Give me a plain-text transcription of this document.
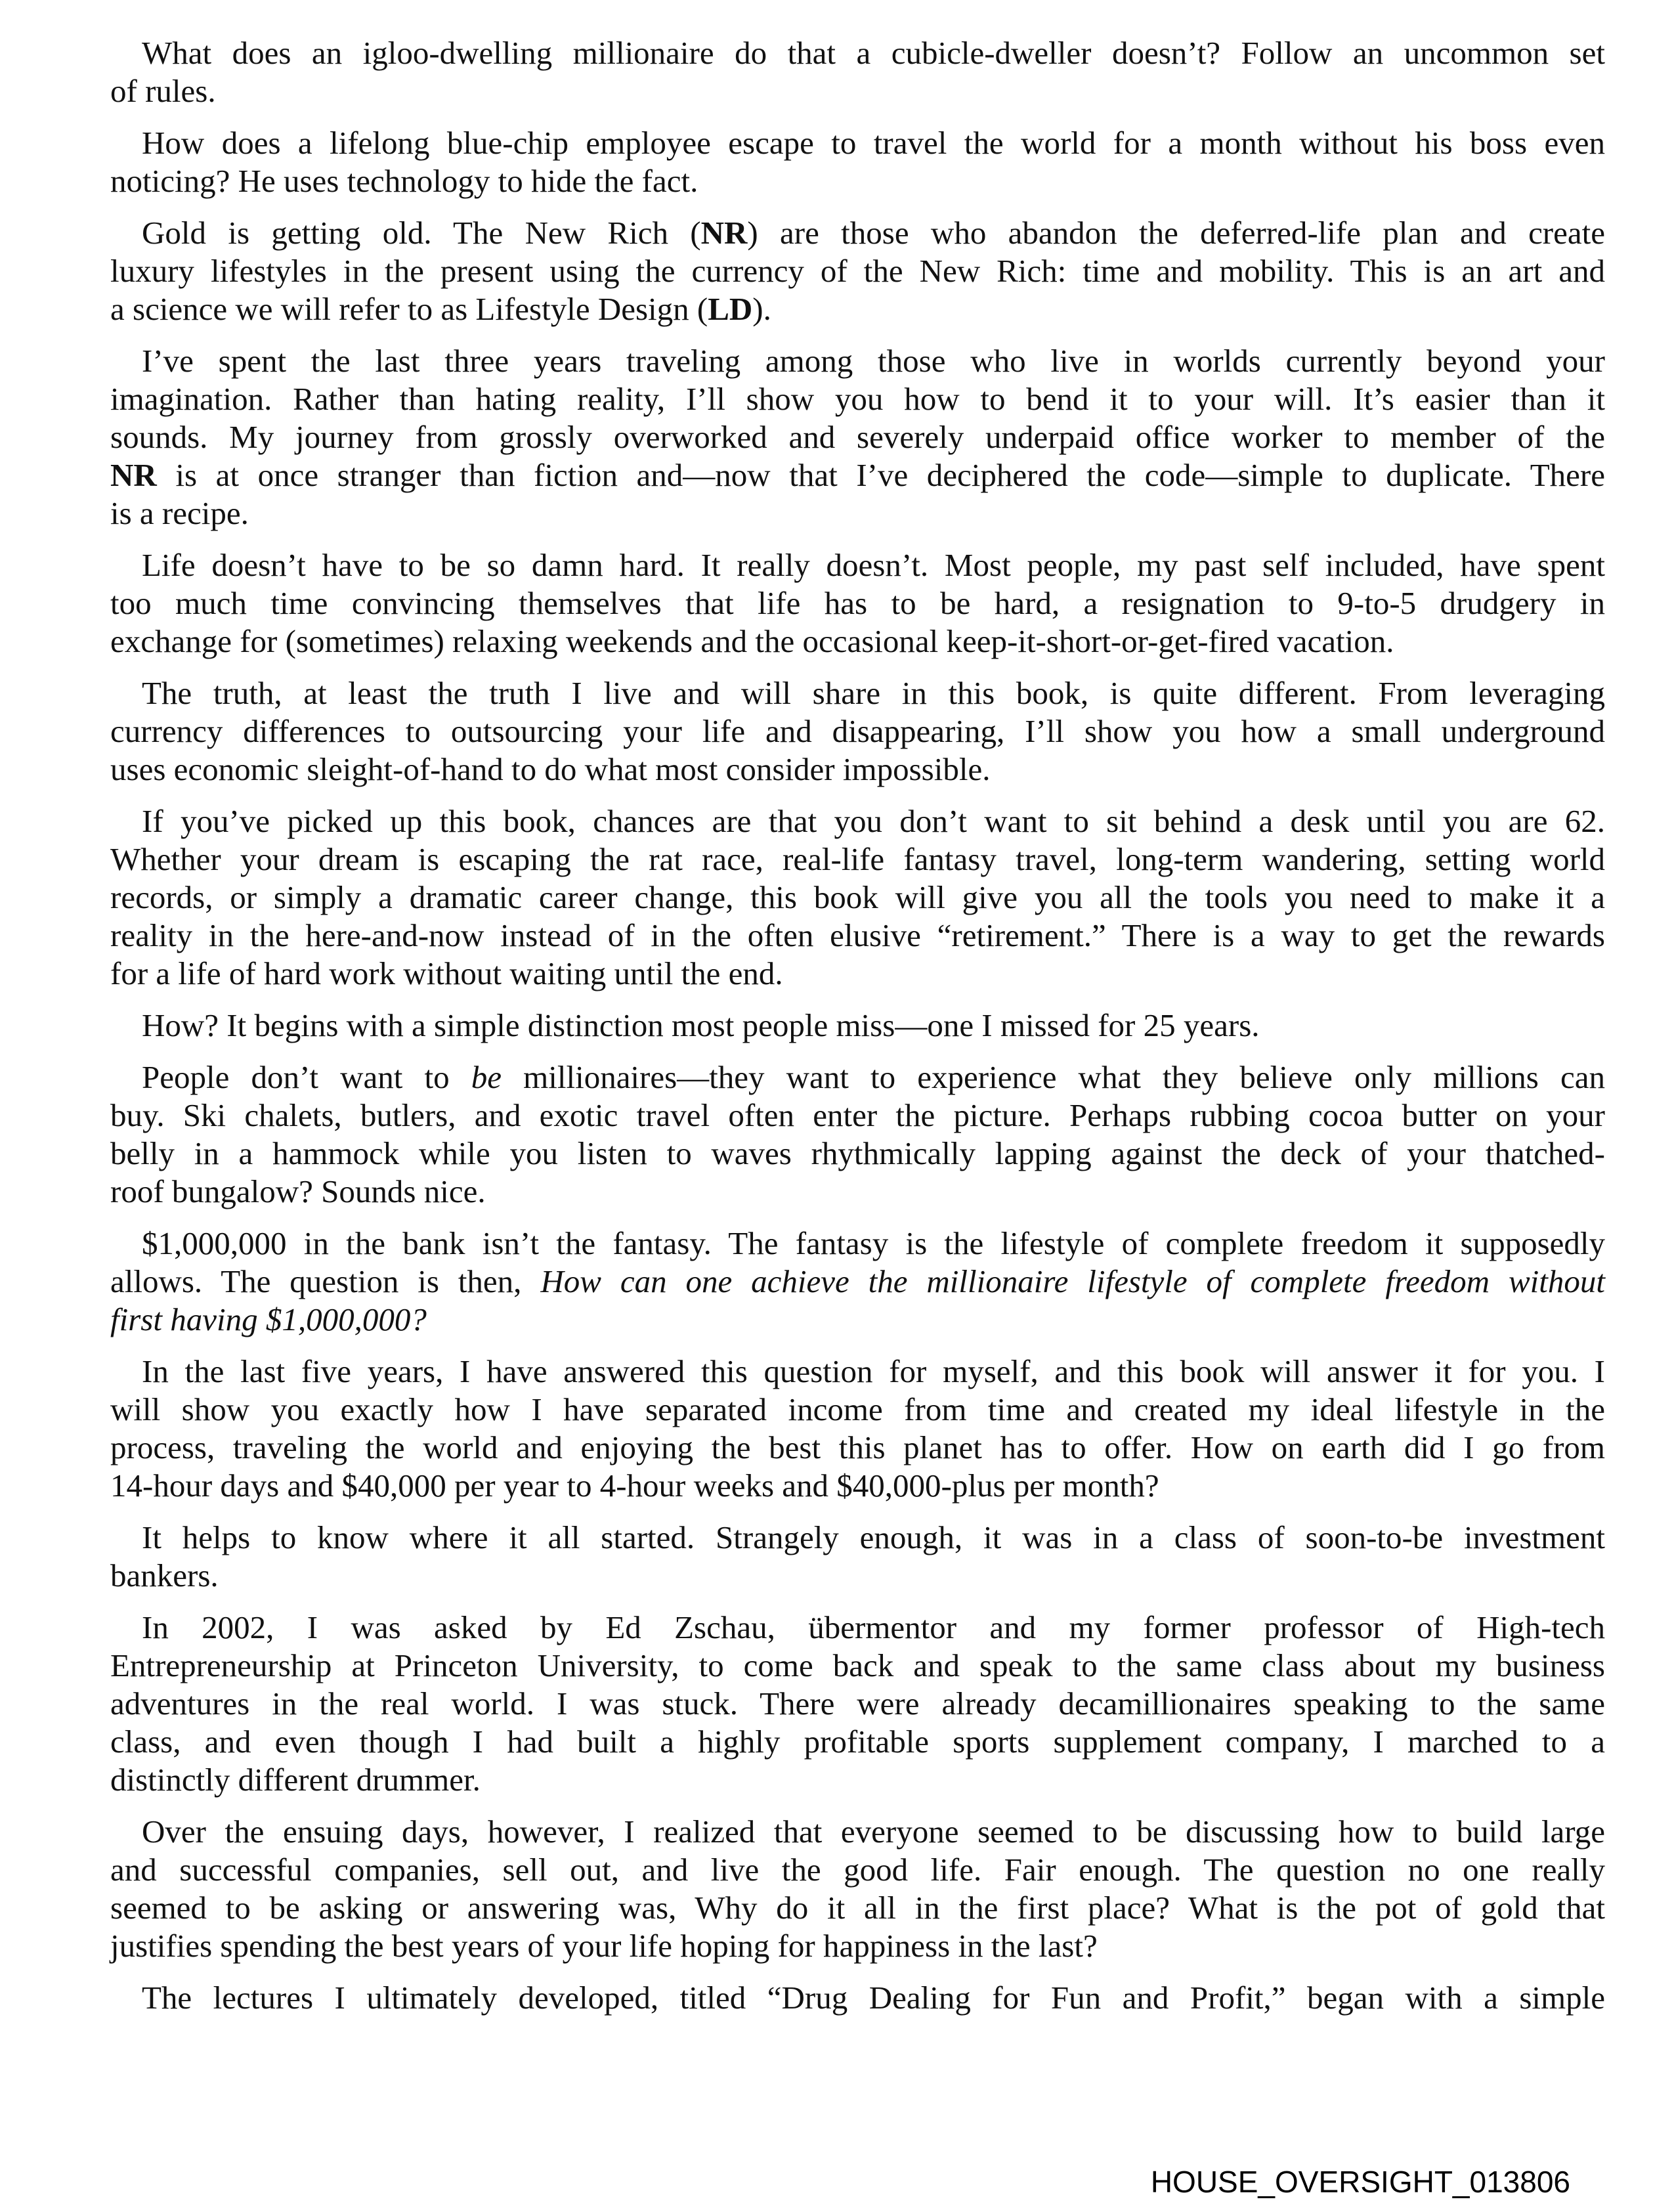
What does an igloo-dwelling millionaire do that a cubicle-dweller doesn’t? Follow an uncommon set
of rules.
How does a lifelong blue-chip employee escape to travel the world for a month without his boss even
noticing? He uses technology to hide the fact.
Gold is getting old. The New Rich (NR) are those who abandon the deferred-life plan and create
luxury lifestyles in the present using the currency of the New Rich: time and mobility. This is an art and
a science we will refer to as Lifestyle Design (LD).
I’ve spent the last three years traveling among those who live in worlds currently beyond your
imagination. Rather than hating reality, I’ll show you how to bend it to your will. It’s easier than it
sounds. My journey from grossly overworked and severely underpaid office worker to member of the
NR is at once stranger than fiction and—now that I’ve deciphered the code—simple to duplicate. There
is a recipe.
Life doesn’t have to be so damn hard. It really doesn’t. Most people, my past self included, have spent
too much time convincing themselves that life has to be hard, a resignation to 9-to-5 drudgery in
exchange for (sometimes) relaxing weekends and the occasional keep-it-short-or-get-fired vacation.
The truth, at least the truth I live and will share in this book, is quite different. From leveraging
currency differences to outsourcing your life and disappearing, I’ll show you how a small underground
uses economic sleight-of-hand to do what most consider impossible.
If you’ve picked up this book, chances are that you don’t want to sit behind a desk until you are 62.
Whether your dream is escaping the rat race, real-life fantasy travel, long-term wandering, setting world
records, or simply a dramatic career change, this book will give you all the tools you need to make it a
reality in the here-and-now instead of in the often elusive “retirement.” There is a way to get the rewards
for a life of hard work without waiting until the end.
How? It begins with a simple distinction most people miss—one I missed for 25 years.
People don’t want to be millionaires—they want to experience what they believe only millions can
buy. Ski chalets, butlers, and exotic travel often enter the picture. Perhaps rubbing cocoa butter on your
belly in a hammock while you listen to waves rhythmically lapping against the deck of your thatched-
roof bungalow? Sounds nice.
$1,000,000 in the bank isn’t the fantasy. The fantasy is the lifestyle of complete freedom it supposedly
allows. The question is then, How can one achieve the millionaire lifestyle of complete freedom without
first having $1,000,000?
In the last five years, I have answered this question for myself, and this book will answer it for you. I
will show you exactly how I have separated income from time and created my ideal lifestyle in the
process, traveling the world and enjoying the best this planet has to offer. How on earth did I go from
14-hour days and $40,000 per year to 4-hour weeks and $40,000-plus per month?
It helps to know where it all started. Strangely enough, it was in a class of soon-to-be investment
bankers.
In 2002, I was asked by Ed Zschau, übermentor and my former professor of High-tech
Entrepreneurship at Princeton University, to come back and speak to the same class about my business
adventures in the real world. I was stuck. There were already decamillionaires speaking to the same
class, and even though I had built a highly profitable sports supplement company, I marched to a
distinctly different drummer.
Over the ensuing days, however, I realized that everyone seemed to be discussing how to build large
and successful companies, sell out, and live the good life. Fair enough. The question no one really
seemed to be asking or answering was, Why do it all in the first place? What is the pot of gold that
justifies spending the best years of your life hoping for happiness in the last?
The lectures I ultimately developed, titled “Drug Dealing for Fun and Profit,” began with a simple
HOUSE_OVERSIGHT_013806
